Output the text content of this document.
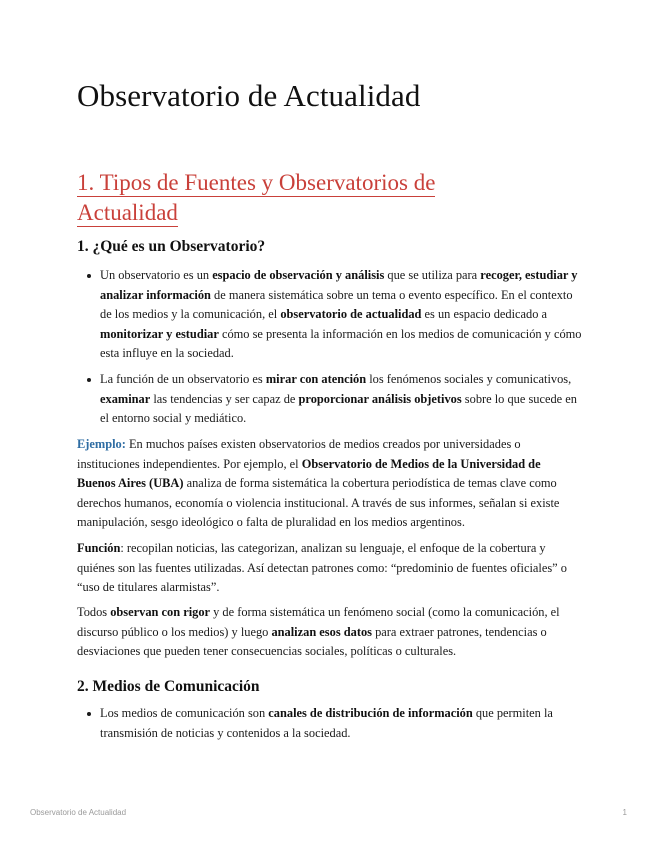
Observatorio de Actualidad
1. Tipos de Fuentes y Observatorios de
Actualidad
1. ¿Qué es un Observatorio?
Un observatorio es un espacio de observación y análisis que se utiliza para recoger, estudiar y analizar información de manera sistemática sobre un tema o evento específico. En el contexto de los medios y la comunicación, el observatorio de actualidad es un espacio dedicado a monitorizar y estudiar cómo se presenta la información en los medios de comunicación y cómo esta influye en la sociedad.
La función de un observatorio es mirar con atención los fenómenos sociales y comunicativos, examinar las tendencias y ser capaz de proporcionar análisis objetivos sobre lo que sucede en el entorno social y mediático.

Ejemplo: En muchos países existen observatorios de medios creados por universidades o instituciones independientes. Por ejemplo, el Observatorio de Medios de la Universidad de Buenos Aires (UBA) analiza de forma sistemática la cobertura periodística de temas clave como derechos humanos, economía o violencia institucional. A través de sus informes, señalan si existe manipulación, sesgo ideológico o falta de pluralidad en los medios argentinos.

Función: recopilan noticias, las categorizan, analizan su lenguaje, el enfoque de la cobertura y quiénes son las fuentes utilizadas. Así detectan patrones como: “predominio de fuentes oficiales” o “uso de titulares alarmistas”.

Todos observan con rigor y de forma sistemática un fenómeno social (como la comunicación, el discurso público o los medios) y luego analizan esos datos para extraer patrones, tendencias o desviaciones que pueden tener consecuencias sociales, políticas o culturales.

2. Medios de Comunicación
Los medios de comunicación son canales de distribución de información que permiten la transmisión de noticias y contenidos a la sociedad.
Observatorio de Actualidad	1
